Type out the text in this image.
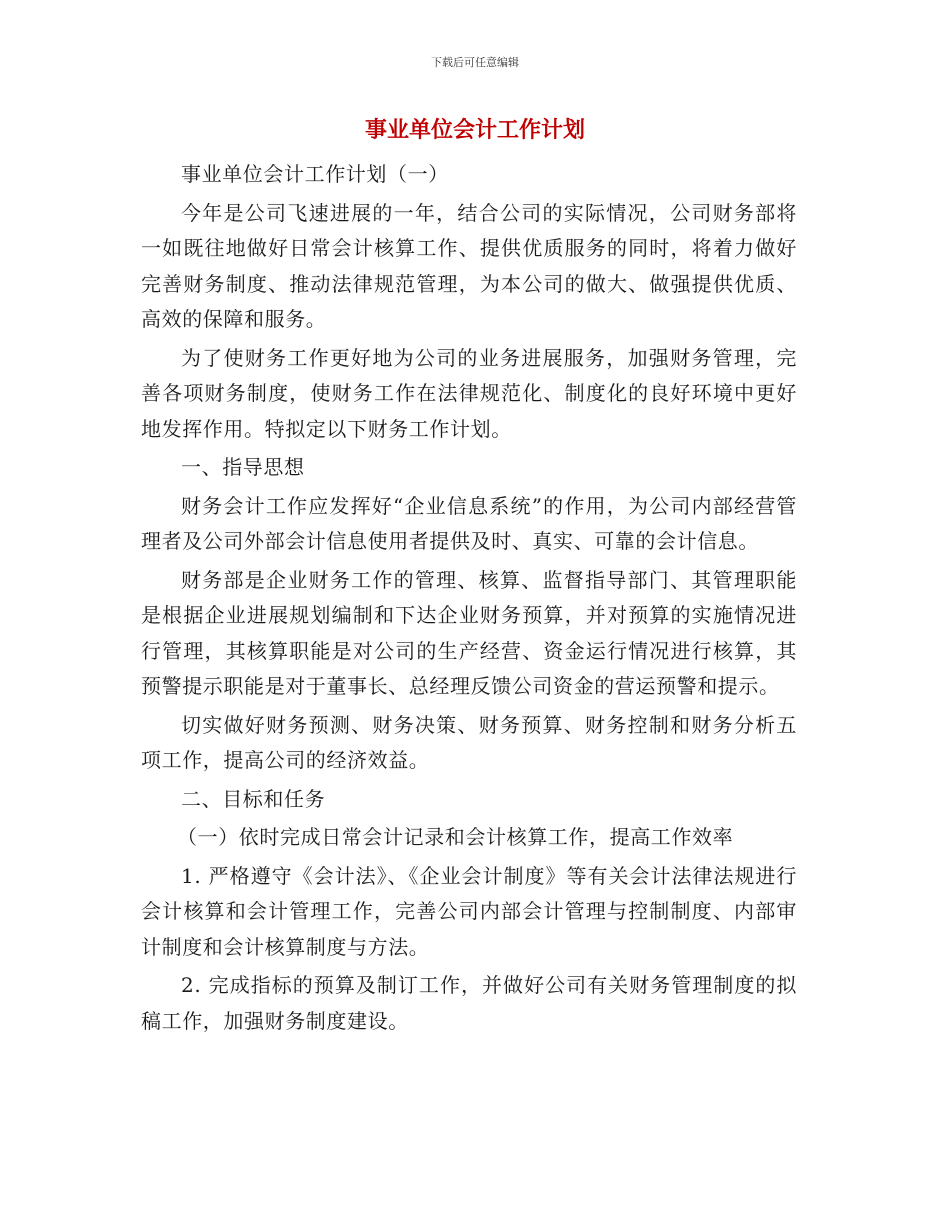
下载后可任意编辑
事业单位会计工作计划

事业单位会计工作计划（一）

今年是公司飞速进展的一年，结合公司的实际情况，公司财务部将一如既往地做好日常会计核算工作、提供优质服务的同时，将着力做好完善财务制度、推动法律规范管理，为本公司的做大、做强提供优质、高效的保障和服务。

为了使财务工作更好地为公司的业务进展服务，加强财务管理，完善各项财务制度，使财务工作在法律规范化、制度化的良好环境中更好地发挥作用。特拟定以下财务工作计划。

一、指导思想

财务会计工作应发挥好“企业信息系统”的作用，为公司内部经营管理者及公司外部会计信息使用者提供及时、真实、可靠的会计信息。

财务部是企业财务工作的管理、核算、监督指导部门、其管理职能是根据企业进展规划编制和下达企业财务预算，并对预算的实施情况进行管理，其核算职能是对公司的生产经营、资金运行情况进行核算，其预警提示职能是对于董事长、总经理反馈公司资金的营运预警和提示。

切实做好财务预测、财务决策、财务预算、财务控制和财务分析五项工作，提高公司的经济效益。

二、目标和任务

（一）依时完成日常会计记录和会计核算工作，提高工作效率

1. 严格遵守《会计法》、《企业会计制度》等有关会计法律法规进行会计核算和会计管理工作，完善公司内部会计管理与控制制度、内部审计制度和会计核算制度与方法。

2. 完成指标的预算及制订工作，并做好公司有关财务管理制度的拟稿工作，加强财务制度建设。
